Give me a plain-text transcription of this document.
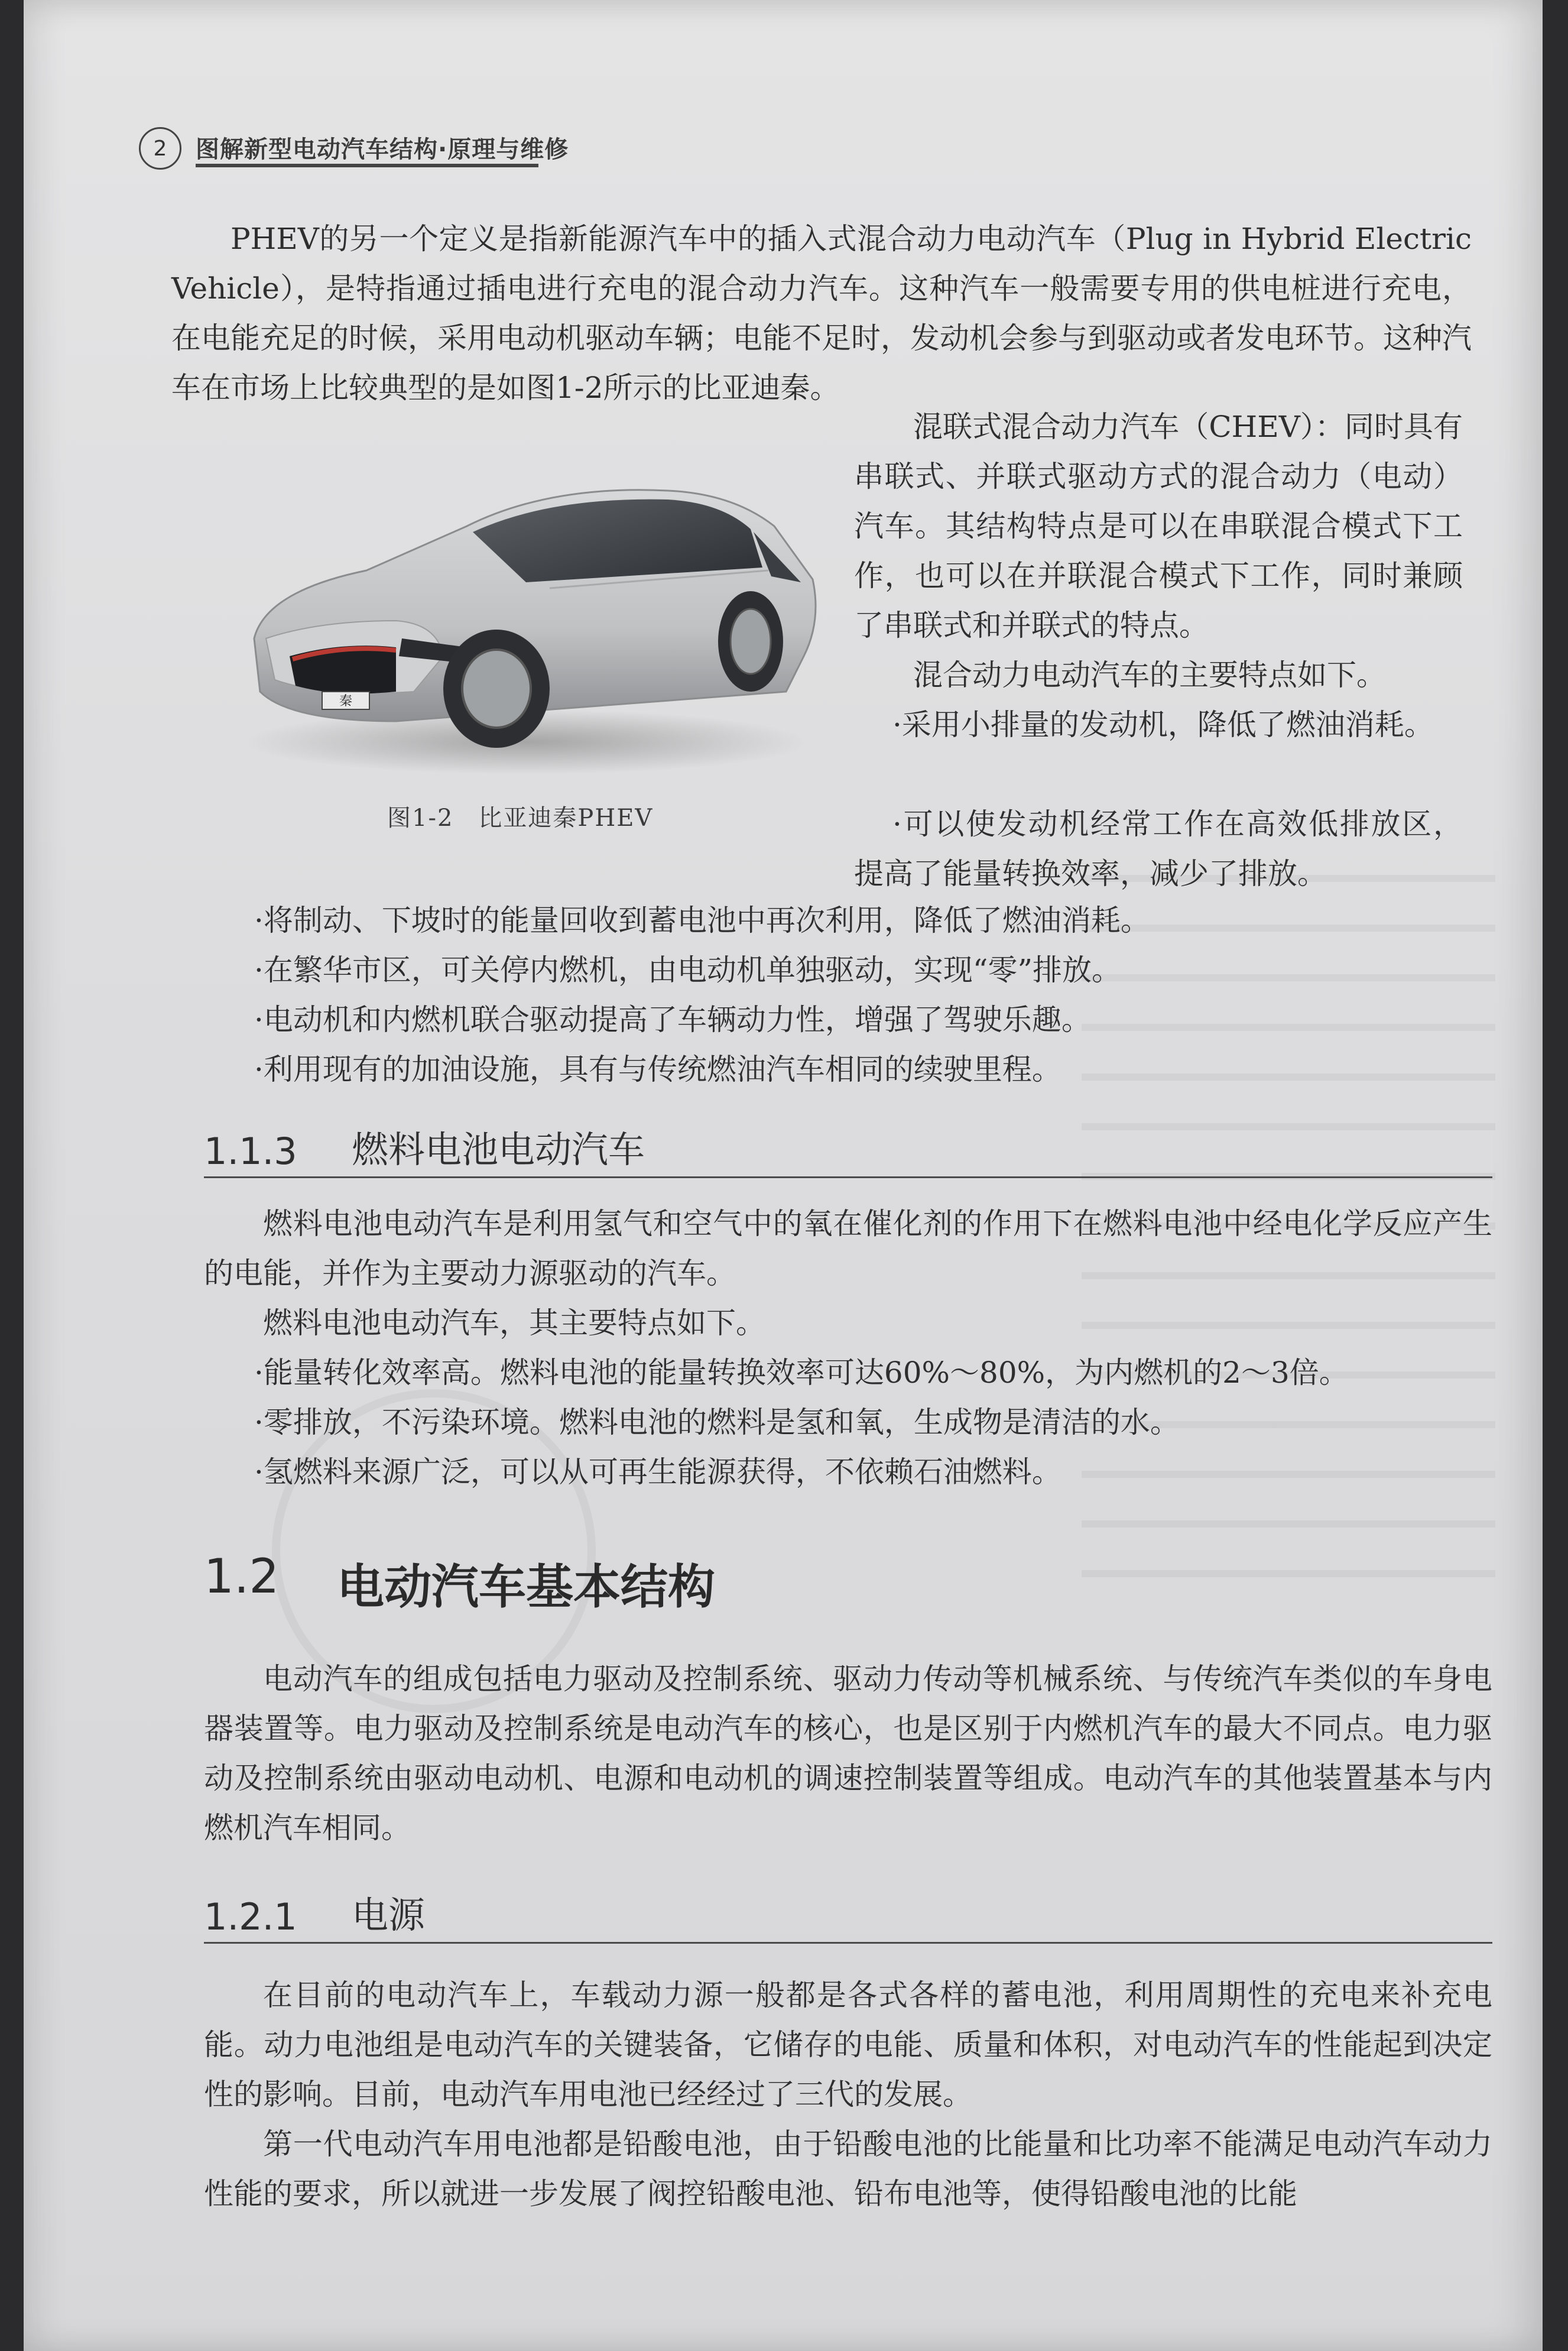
2	图解新型电动汽车结构·原理与维修

PHEV的另一个定义是指新能源汽车中的插入式混合动力电动汽车（Plug in Hybrid Electric Vehicle），是特指通过插电进行充电的混合动力汽车。这种汽车一般需要专用的供电桩进行充电，在电能充足的时候，采用电动机驱动车辆；电能不足时，发动机会参与到驱动或者发电环节。这种汽车在市场上比较典型的是如图1-2所示的比亚迪秦。

秦

图1-2　比亚迪秦PHEV

混联式混合动力汽车（CHEV）：同时具有串联式、并联式驱动方式的混合动力（电动）汽车。其结构特点是可以在串联混合模式下工作，也可以在并联混合模式下工作，同时兼顾了串联式和并联式的特点。

混合动力电动汽车的主要特点如下。

·采用小排量的发动机，降低了燃油消耗。

·可以使发动机经常工作在高效低排放区，提高了能量转换效率，减少了排放。

·将制动、下坡时的能量回收到蓄电池中再次利用，降低了燃油消耗。

·在繁华市区，可关停内燃机，由电动机单独驱动，实现“零”排放。

·电动机和内燃机联合驱动提高了车辆动力性，增强了驾驶乐趣。

·利用现有的加油设施，具有与传统燃油汽车相同的续驶里程。

1.1.3 燃料电池电动汽车

燃料电池电动汽车是利用氢气和空气中的氧在催化剂的作用下在燃料电池中经电化学反应产生的电能，并作为主要动力源驱动的汽车。

燃料电池电动汽车，其主要特点如下。

·能量转化效率高。燃料电池的能量转换效率可达60%～80%，为内燃机的2～3倍。

·零排放，不污染环境。燃料电池的燃料是氢和氧，生成物是清洁的水。

·氢燃料来源广泛，可以从可再生能源获得，不依赖石油燃料。

1.2 电动汽车基本结构

电动汽车的组成包括电力驱动及控制系统、驱动力传动等机械系统、与传统汽车类似的车身电器装置等。电力驱动及控制系统是电动汽车的核心，也是区别于内燃机汽车的最大不同点。电力驱动及控制系统由驱动电动机、电源和电动机的调速控制装置等组成。电动汽车的其他装置基本与内燃机汽车相同。

1.2.1 电源

在目前的电动汽车上，车载动力源一般都是各式各样的蓄电池，利用周期性的充电来补充电能。动力电池组是电动汽车的关键装备，它储存的电能、质量和体积，对电动汽车的性能起到决定性的影响。目前，电动汽车用电池已经经过了三代的发展。

第一代电动汽车用电池都是铅酸电池，由于铅酸电池的比能量和比功率不能满足电动汽车动力性能的要求，所以就进一步发展了阀控铅酸电池、铅布电池等，使得铅酸电池的比能
